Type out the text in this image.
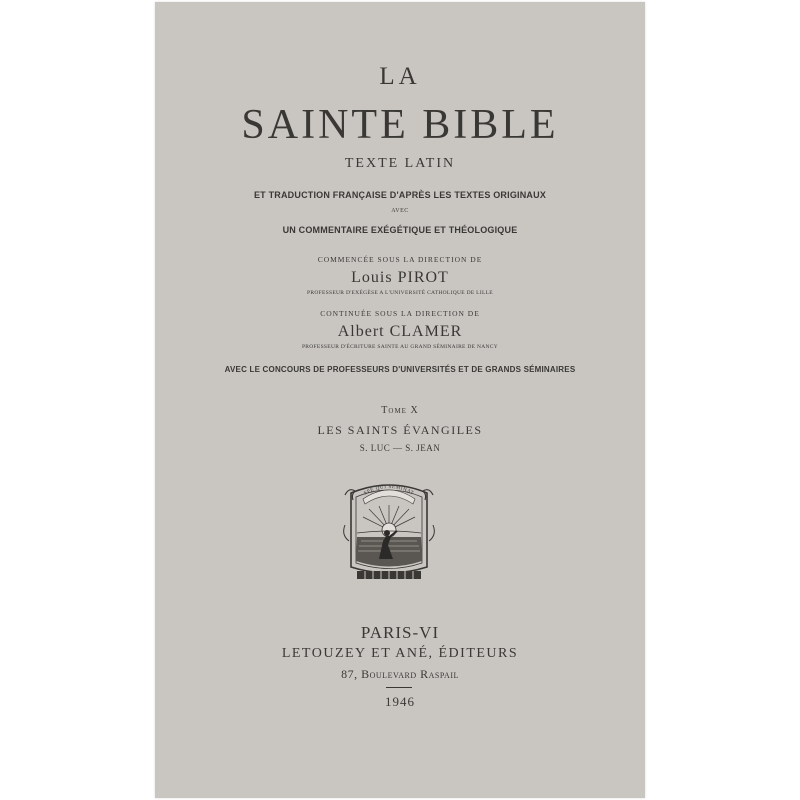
LA

SAINTE BIBLE

TEXTE LATIN

ET TRADUCTION FRANÇAISE D'APRÈS LES TEXTES ORIGINAUX

AVEC

UN COMMENTAIRE EXÉGÉTIQUE ET THÉOLOGIQUE

COMMENCÉE SOUS LA DIRECTION DE

Louis PIROT

PROFESSEUR D'EXÉGÈSE A L'UNIVERSITÉ CATHOLIQUE DE LILLE

CONTINUÉE SOUS LA DIRECTION DE

Albert CLAMER

PROFESSEUR D'ÉCRITURE SAINTE AU GRAND SÉMINAIRE DE NANCY

AVEC LE CONCOURS DE PROFESSEURS D'UNIVERSITÉS ET DE GRANDS SÉMINAIRES

Tome X

LES SAINTS ÉVANGILES

S. LUC — S. JEAN

SPE QUI SEMINAT

PARIS-VI

LETOUZEY ET ANÉ, ÉDITEURS

87, Boulevard Raspail

1946
